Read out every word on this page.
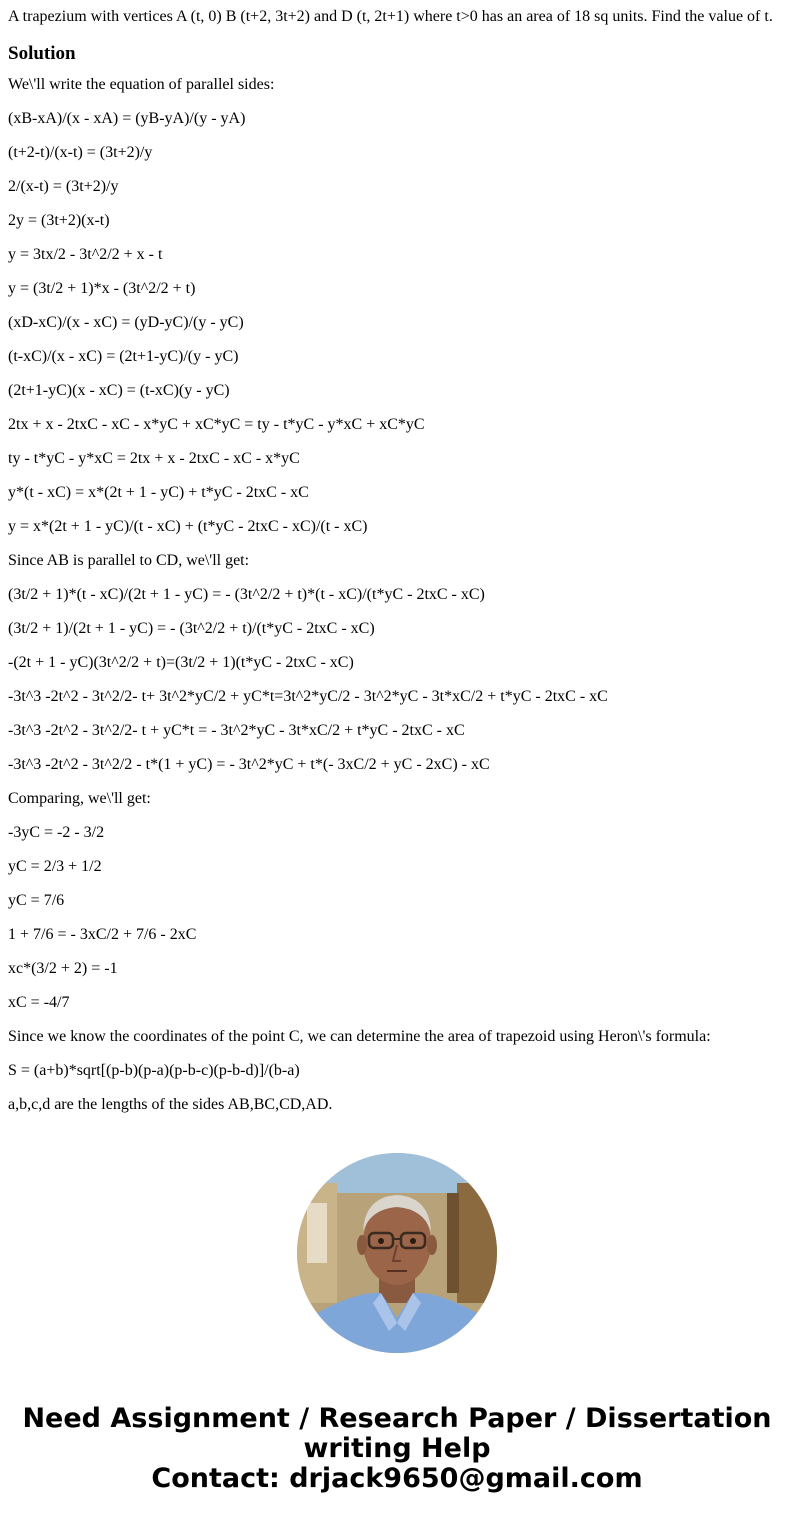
A trapezium with vertices A (t, 0) B (t+2, 3t+2) and D (t, 2t+1) where t>0 has an area of 18 sq units. Find the value of t.

Solution

We\'ll write the equation of parallel sides:

(xB-xA)/(x - xA) = (yB-yA)/(y - yA)

(t+2-t)/(x-t) = (3t+2)/y

2/(x-t) = (3t+2)/y

2y = (3t+2)(x-t)

y = 3tx/2 - 3t^2/2 + x - t

y = (3t/2 + 1)*x - (3t^2/2 + t)

(xD-xC)/(x - xC) = (yD-yC)/(y - yC)

(t-xC)/(x - xC) = (2t+1-yC)/(y - yC)

(2t+1-yC)(x - xC) = (t-xC)(y - yC)

2tx + x - 2txC - xC - x*yC + xC*yC = ty - t*yC - y*xC + xC*yC

ty - t*yC - y*xC = 2tx + x - 2txC - xC - x*yC

y*(t - xC) = x*(2t + 1 - yC) + t*yC - 2txC - xC

y = x*(2t + 1 - yC)/(t - xC) + (t*yC - 2txC - xC)/(t - xC)

Since AB is parallel to CD, we\'ll get:

(3t/2 + 1)*(t - xC)/(2t + 1 - yC) = - (3t^2/2 + t)*(t - xC)/(t*yC - 2txC - xC)

(3t/2 + 1)/(2t + 1 - yC) = - (3t^2/2 + t)/(t*yC - 2txC - xC)

-(2t + 1 - yC)(3t^2/2 + t)=(3t/2 + 1)(t*yC - 2txC - xC)

-3t^3 -2t^2 - 3t^2/2- t+ 3t^2*yC/2 + yC*t=3t^2*yC/2 - 3t^2*yC - 3t*xC/2 + t*yC - 2txC - xC

-3t^3 -2t^2 - 3t^2/2- t + yC*t = - 3t^2*yC - 3t*xC/2 + t*yC - 2txC - xC

-3t^3 -2t^2 - 3t^2/2 - t*(1 + yC) = - 3t^2*yC + t*(- 3xC/2 + yC - 2xC) - xC

Comparing, we\'ll get:

-3yC = -2 - 3/2

yC = 2/3 + 1/2

yC = 7/6

1 + 7/6 = - 3xC/2 + 7/6 - 2xC

xc*(3/2 + 2) = -1

xC = -4/7

Since we know the coordinates of the point C, we can determine the area of trapezoid using Heron\'s formula:

S = (a+b)*sqrt[(p-b)(p-a)(p-b-c)(p-b-d)]/(b-a)

a,b,c,d are the lengths of the sides AB,BC,CD,AD.

Need Assignment / Research Paper / Dissertation
writing Help
Contact: drjack9650@gmail.com
